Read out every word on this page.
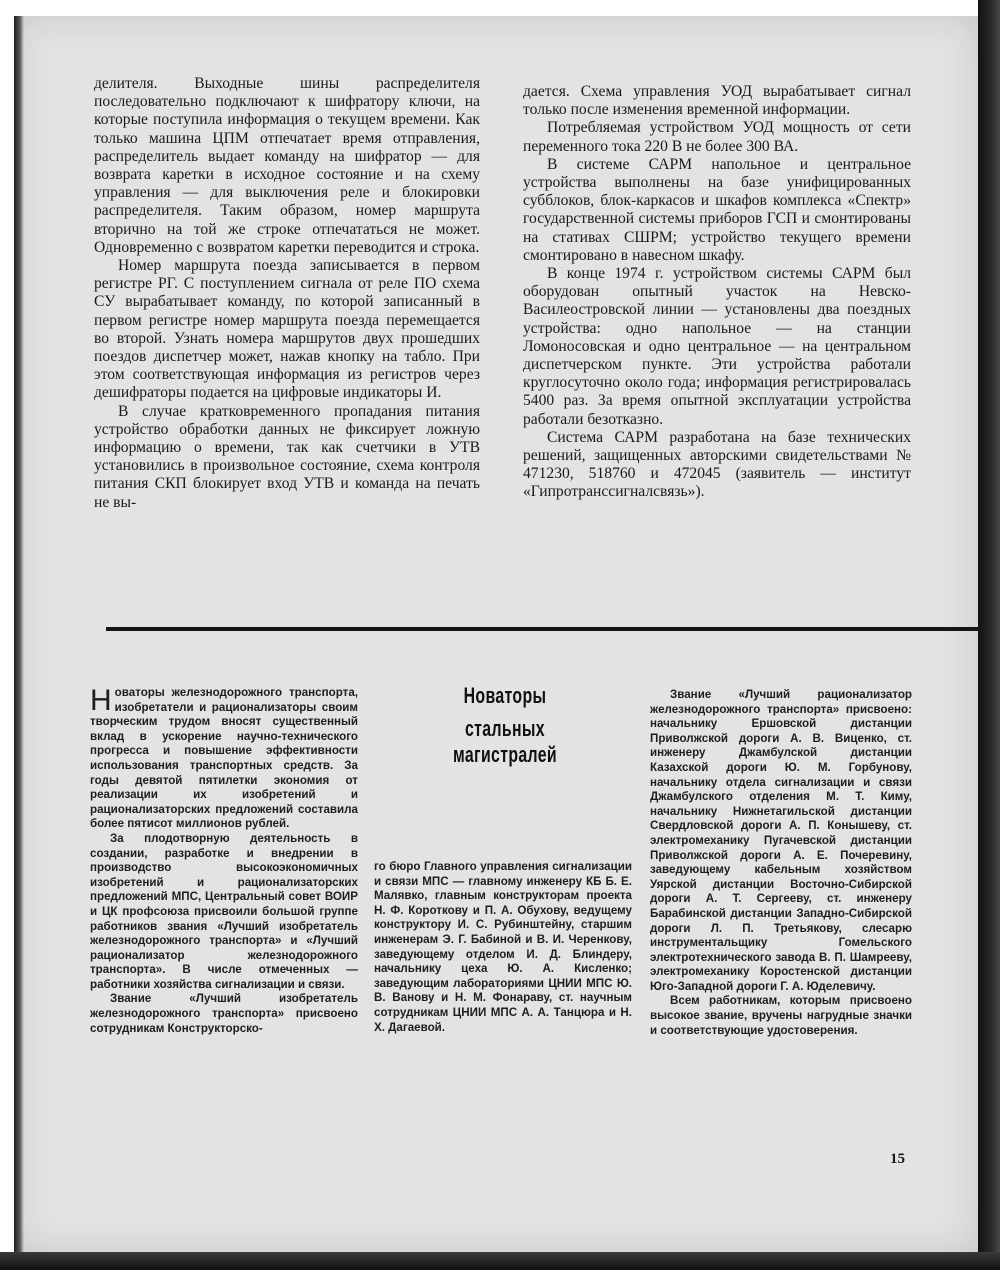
делителя. Выходные шины распределителя последовательно подключают к шифратору ключи, на которые поступила информация о текущем времени. Как только машина ЦПМ отпечатает время отправления, распределитель выдает команду на шифратор — для возврата каретки в исходное состояние и на схему управления — для выключения реле и блокировки распределителя. Таким образом, номер маршрута вторично на той же строке отпечататься не может. Одновременно с возвратом каретки переводится и строка.

Номер маршрута поезда записывается в первом регистре РГ. С поступлением сигнала от реле ПО схема СУ вырабатывает команду, по которой записанный в первом регистре номер маршрута поезда перемещается во второй. Узнать номера маршрутов двух прошедших поездов диспетчер может, нажав кнопку на табло. При этом соответствующая информация из регистров через дешифраторы подается на цифровые индикаторы И.

В случае кратковременного пропадания питания устройство обработки данных не фиксирует ложную информацию о времени, так как счетчики в УТВ установились в произвольное состояние, схема контроля питания СКП блокирует вход УТВ и команда на печать не вы-

дается. Схема управления УОД вырабатывает сигнал только после изменения временной информации.

Потребляемая устройством УОД мощность от сети переменного тока 220 В не более 300 ВА.

В системе САРМ напольное и центральное устройства выполнены на базе унифицированных субблоков, блок-каркасов и шкафов комплекса «Спектр» государственной системы приборов ГСП и смонтированы на стативах СШРМ; устройство текущего времени смонтировано в навесном шкафу.

В конце 1974 г. устройством системы САРМ был оборудован опытный участок на Невско-Василеостровской линии — установлены два поездных устройства: одно напольное — на станции Ломоносовская и одно центральное — на центральном диспетчерском пункте. Эти устройства работали круглосуточно около года; информация регистрировалась 5400 раз. За время опытной эксплуатации устройства работали безотказно.

Система САРМ разработана на базе технических решений, защищенных авторскими свидетельствами № 471230, 518760 и 472045 (заявитель — институт «Гипротранссигналсвязь»).

Новаторы
стальных магистралей

Новаторы железнодорожного транспорта, изобретатели и рационализаторы своим творческим трудом вносят существенный вклад в ускорение научно-технического прогресса и повышение эффективности использования транспортных средств. За годы девятой пятилетки экономия от реализации их изобретений и рационализаторских предложений составила более пятисот миллионов рублей.

За плодотворную деятельность в создании, разработке и внедрении в производство высокоэкономичных изобретений и рационализаторских предложений МПС, Центральный совет ВОИР и ЦК профсоюза присвоили большой группе работников звания «Лучший изобретатель железнодорожного транспорта» и «Лучший рационализатор железнодорожного транспорта». В числе отмеченных — работники хозяйства сигнализации и связи.

Звание «Лучший изобретатель железнодорожного транспорта» присвоено сотрудникам Конструкторско-

го бюро Главного управления сигнализации и связи МПС — главному инженеру КБ Б. Е. Малявко, главным конструкторам проекта Н. Ф. Короткову и П. А. Обухову, ведущему конструктору И. С. Рубинштейну, старшим инженерам Э. Г. Бабиной и В. И. Черенкову, заведующему отделом И. Д. Блиндеру, начальнику цеха Ю. А. Кисленко; заведующим лабораториями ЦНИИ МПС Ю. В. Ванову и Н. М. Фонараву, ст. научным сотрудникам ЦНИИ МПС А. А. Танцюра и Н. Х. Дагаевой.

Звание «Лучший рационализатор железнодорожного транспорта» присвоено: начальнику Ершовской дистанции Приволжской дороги А. В. Виценко, ст. инженеру Джамбулской дистанции Казахской дороги Ю. М. Горбунову, начальнику отдела сигнализации и связи Джамбулского отделения М. Т. Киму, начальнику Нижнетагильской дистанции Свердловской дороги А. П. Конышеву, ст. электромеханику Пугачевской дистанции Приволжской дороги А. Е. Почеревину, заведующему кабельным хозяйством Уярской дистанции Восточно-Сибирской дороги А. Т. Сергееву, ст. инженеру Барабинской дистанции Западно-Сибирской дороги Л. П. Третьякову, слесарю инструментальщику Гомельского электротехнического завода В. П. Шамрееву, электромеханику Коростенской дистанции Юго-Западной дороги Г. А. Юделевичу.

Всем работникам, которым присвоено высокое звание, вручены нагрудные значки и соответствующие удостоверения.

15
